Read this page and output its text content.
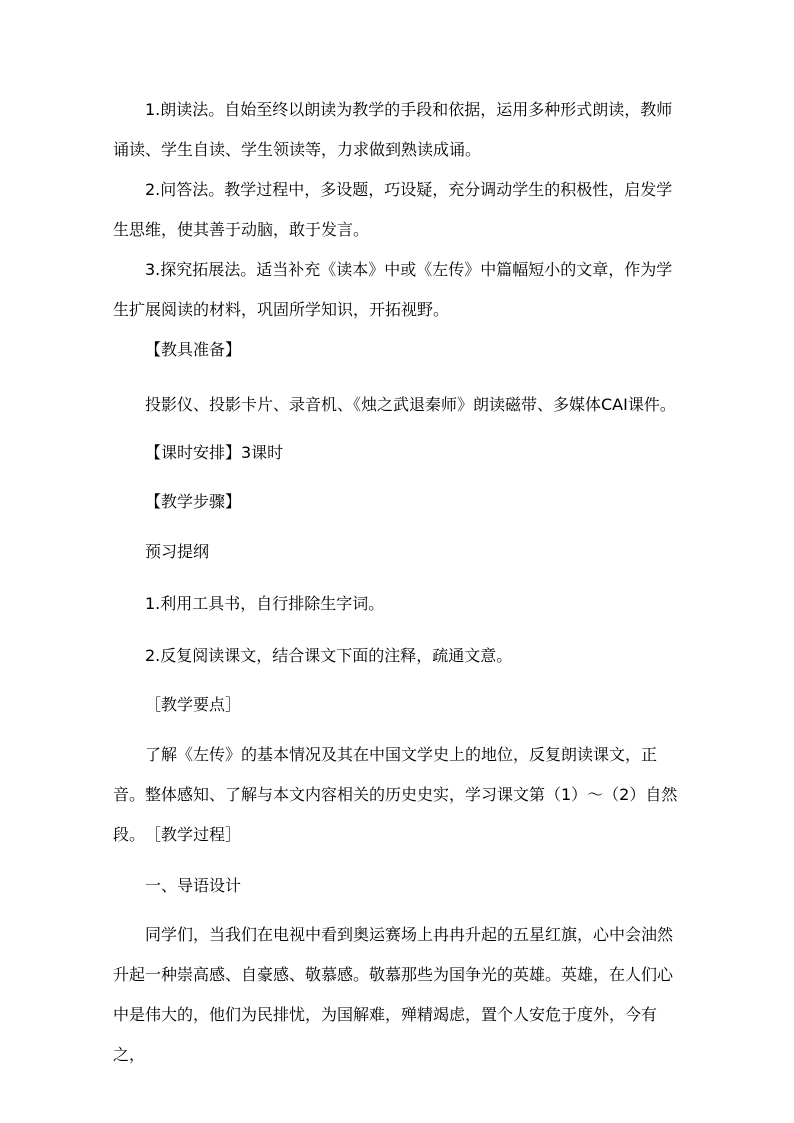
1.朗读法。自始至终以朗读为教学的手段和依据，运用多种形式朗读，教师诵读、学生自读、学生领读等，力求做到熟读成诵。

2.问答法。教学过程中，多设题，巧设疑，充分调动学生的积极性，启发学生思维，使其善于动脑，敢于发言。

3.探究拓展法。适当补充《读本》中或《左传》中篇幅短小的文章，作为学生扩展阅读的材料，巩固所学知识，开拓视野。

【教具准备】

投影仪、投影卡片、录音机、《烛之武退秦师》朗读磁带、多媒体CAI课件。

【课时安排】3课时

【教学步骤】

预习提纲

1.利用工具书，自行排除生字词。

2.反复阅读课文，结合课文下面的注释，疏通文意。

［教学要点］

了解《左传》的基本情况及其在中国文学史上的地位，反复朗读课文，正音。整体感知、了解与本文内容相关的历史史实，学习课文第（1）～（2）自然段。 ［教学过程］

一、导语设计

同学们，当我们在电视中看到奥运赛场上冉冉升起的五星红旗，心中会油然升起一种崇高感、自豪感、敬慕感。敬慕那些为国争光的英雄。英雄，在人们心中是伟大的，他们为民排忧，为国解难，殚精竭虑，置个人安危于度外，今有之，
